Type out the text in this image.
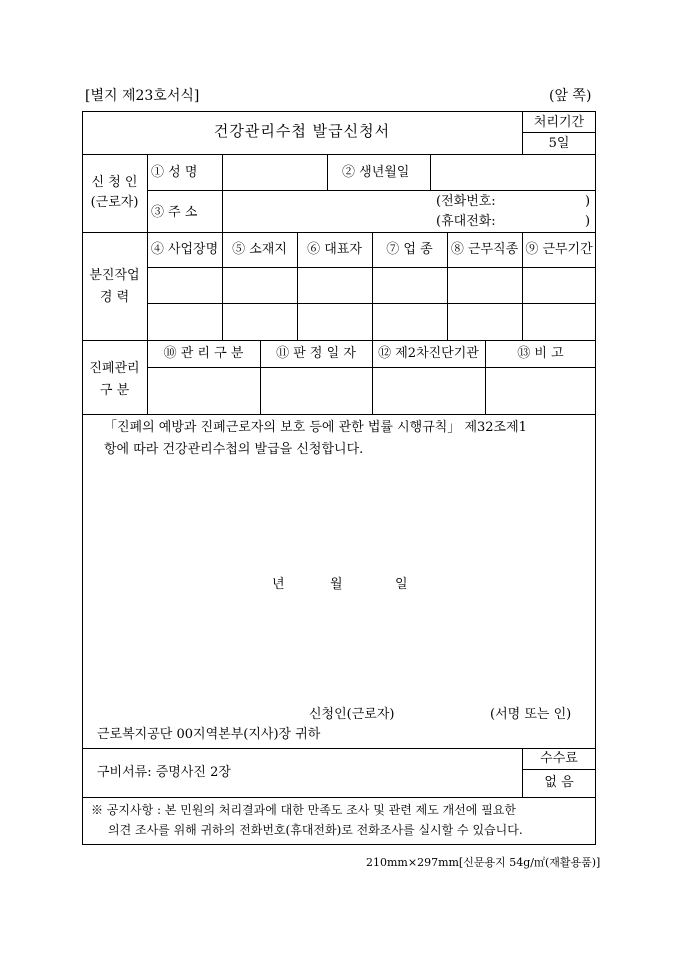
[별지 제23호서식]	(앞 쪽)
건강관리수첩 발급신청서	처리기간
5일
신 청 인
(근로자)
① 성 명	② 생년월일
③ 주 소
(전화번호:	)
(휴대전화:	)
분진작업
경 력
④ 사업장명	⑤ 소재지	⑥ 대표자	⑦ 업 종	⑧ 근무직종 ⑨ 근무기간
진폐관리
구 분
⑩ 관 리 구 분	⑪ 판 정 일 자	⑫ 제2차진단기관	⑬ 비 고
「진폐의 예방과 진폐근로자의 보호 등에 관한 법률 시행규칙」 제32조제1
항에 따라 건강관리수첩의 발급을 신청합니다.
년	월	일
신청인(근로자)	(서명 또는 인)
근로복지공단 00지역본부(지사)장 귀하
구비서류: 증명사진 2장
수수료
없 음
※ 공지사항 : 본 민원의 처리결과에 대한 만족도 조사 및 관련 제도 개선에 필요한
의견 조사를 위해 귀하의 전화번호(휴대전화)로 전화조사를 실시할 수 있습니다.
210mm×297mm[신문용지 54g/㎡(재활용품)]
